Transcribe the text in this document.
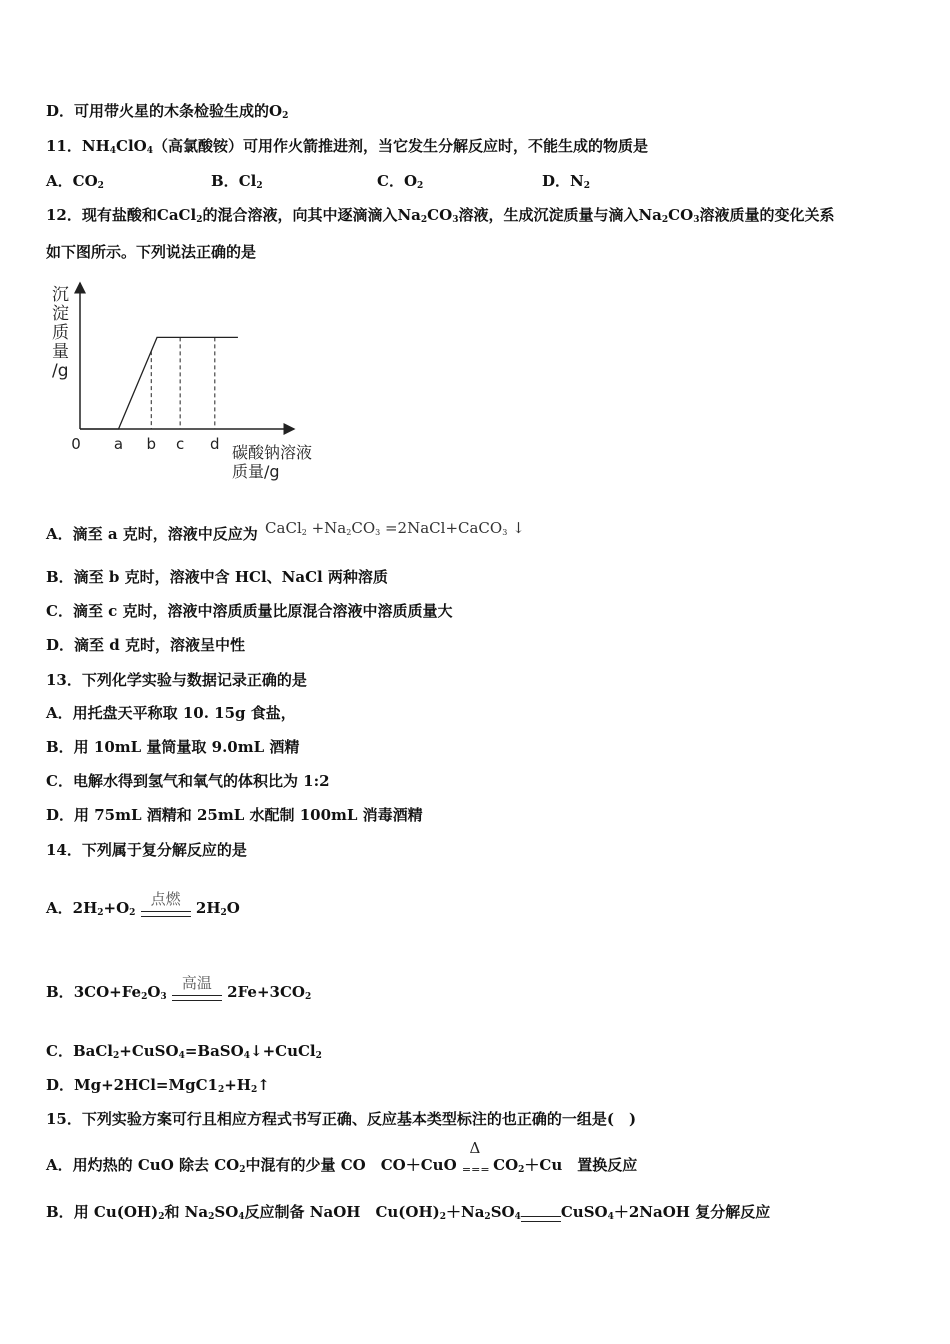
D．可用带火星的木条检验生成的$O_2$
11．$NH_4ClO_4$（高氯酸铵）可用作火箭推进剂，当它发生分解反应时，不能生成的物质是
A．$CO_2$	B．$Cl_2$	C．$O_2$	D．$N_2$
12．现有盐酸和CaCl$_2$的混合溶液，向其中逐滴滴入$Na_2CO_3$溶液，生成沉淀质量与滴入$Na_2CO_3$溶液质量的变化关系
如下图所示。下列说法正确的是
沉
淀
质
量
/g
碳酸钠溶液
质量/g
0 a b c d
A．滴至 a 克时，溶液中反应为 CaCl$_2$ $+Na_2CO_3$ =2NaCl+CaCO$_3$ ↓
B．滴至 b 克时，溶液中含 HCl、NaCl 两种溶质
C．滴至 c 克时，溶液中溶质质量比原混合溶液中溶质质量大
D．滴至 d 克时，溶液呈中性
13．下列化学实验与数据记录正确的是
A．用托盘天平称取 10. 15g 食盐，
B．用 10mL 量筒量取 9.0mL 酒精
C．电解水得到氢气和氧气的体积比为 1:2
D．用 75mL 酒精和 25mL 水配制 100mL 消毒酒精
14．下列属于复分解反应的是
A．$2H_2+O_2$
点燃	$2H_2O$
B．$3CO+Fe_2O_3$
高温	$2Fe+3CO_2$
C．BaCl$_2$+CuSO$_4$=BaSO$_4$↓+CuCl$_2$
D．$Mg+2HCl=MgC1_2+H_2↑$
15．下列实验方案可行且相应方程式书写正确、反应基本类型标注的也正确的一组是(　)
A．用灼热的 CuO 除去 $CO_2$中混有的少量 CO　CO＋CuO
Δ
=== $CO_2+Cu$　置换反应
B．用 $Cu(OH)_2$和 $Na_2SO_4$反应制备 NaOH　$Cu(OH)_2+Na_2SO_4$	CuSO$_4$＋2NaOH 复分解反应
